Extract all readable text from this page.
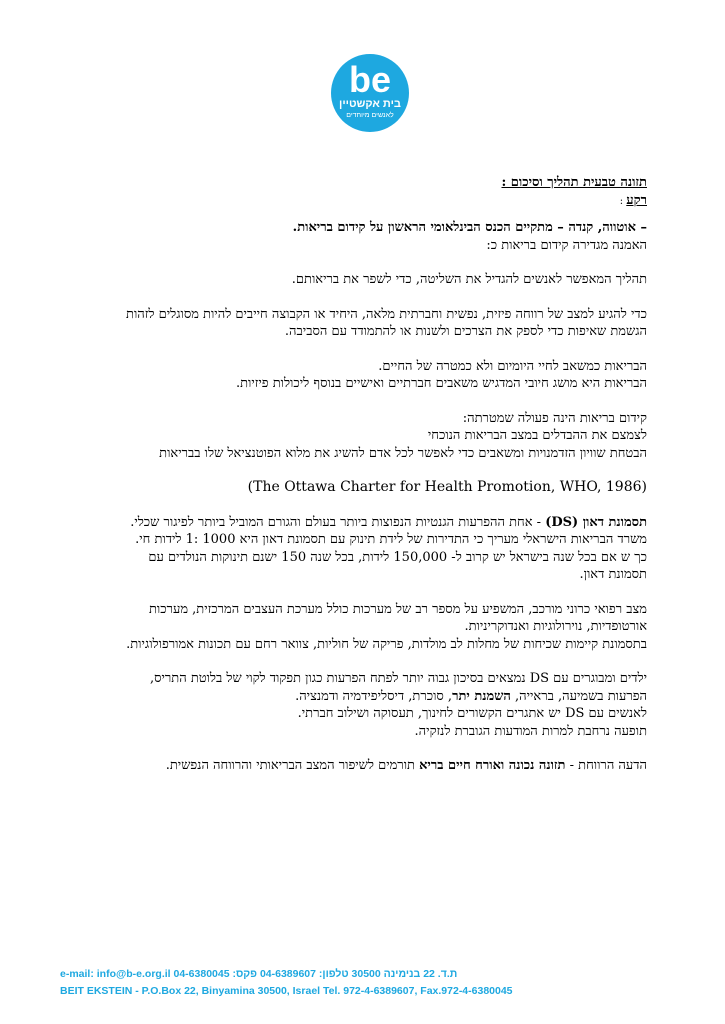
be
בית אקשטיין
לאנשים מיוחדים

תזונה טבעית תהליך וסיכום :

רקע :

– אוטווה, קנדה – מתקיים הכנס הבינלאומי הראשון על קידום בריאות.

האמנה מגדירה קידום בריאות כ:

תהליך המאפשר לאנשים להגדיל את השליטה, כדי לשפר את בריאותם.

כדי להגיע למצב של רווחה פיזית, נפשית וחברתית מלאה, היחיד או הקבוצה חייבים להיות מסוגלים לזהות הגשמת שאיפות כדי לספק את הצרכים ולשנות או להתמודד עם הסביבה.

הבריאות כמשאב לחיי היומיום ולא כמטרה של החיים.

הבריאות היא מושג חיובי המדגיש משאבים חברתיים ואישיים בנוסף ליכולות פיזיות.

קידום בריאות הינה פעולה שמטרתה:

לצמצם את ההבדלים במצב הבריאות הנוכחי

הבטחת שוויון הזדמנויות ומשאבים כדי לאפשר לכל אדם להשיג את מלוא הפוטנציאל שלו בבריאות

(The Ottawa Charter for Health Promotion, WHO, 1986)

תסמונת דאון (DS) - אחת ההפרעות הגנטיות הנפוצות ביותר בעולם והגורם המוביל ביותר לפיגור שכלי.

משרד הבריאות הישראלי מעריך כי התדירות של לידת תינוק עם תסמונת דאון היא 1000 :1 לידות חי.

כך ש אם בכל שנה בישראל יש קרוב ל- 150,000 לידות, בכל שנה 150 ישנם תינוקות הנולדים עם תסמונת דאון.

מצב רפואי כרוני מורכב, המשפיע על מספר רב של מערכות כולל מערכת העצבים המרכזית, מערכות אורטופדיות, נוירולוגיות ואנדוקריניות.

בתסמונת קיימות שכיחות של מחלות לב מולדות, פריקה של חוליות, צוואר רחם עם תכונות אמורפולוגיות.

ילדים ומבוגרים עם DS נמצאים בסיכון גבוה יותר לפתח הפרעות כגון תפקוד לקוי של בלוטת התריס, הפרעות בשמיעה, בראייה, השמנת יתר, סוכרת, דיסליפידמיה ודמנציה.

לאנשים עם DS יש אתגרים הקשורים לחינוך, תעסוקה ושילוב חברתי.

תופעה נרחבת למרות המודעות הגוברת לנזקיה.

הדעה הרווחת - תזונה נכונה ואורח חיים בריא תורמים לשיפור המצב הבריאותי והרווחה הנפשית.

ת.ד. 22 בנימינה 30500 טלפון: 04-6389607 פקס: 04-6380045 e-mail: info@b-e.org.il
BEIT EKSTEIN - P.O.Box 22, Binyamina 30500, Israel Tel. 972-4-6389607, Fax.972-4-6380045
